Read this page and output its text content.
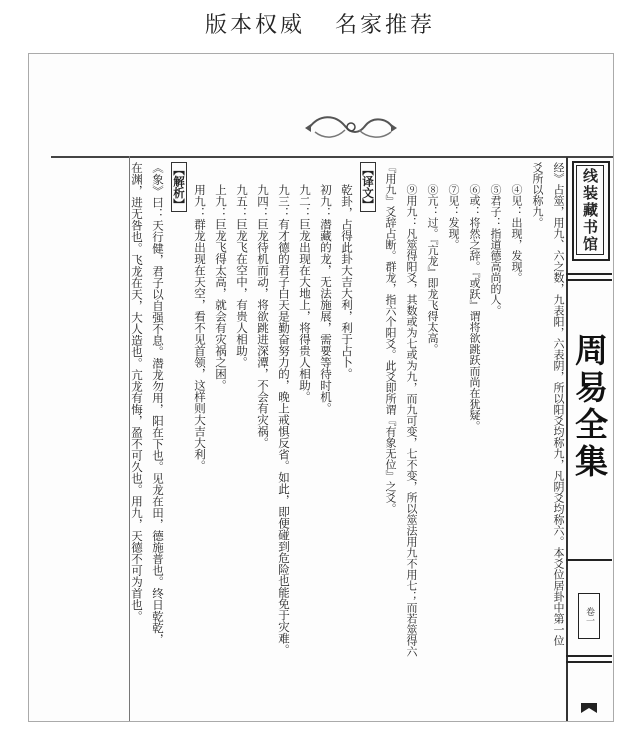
版本权威 名家推荐
经》占筮，用九、六之数，九表阳，六表阴，所以阳爻均称九，凡阴爻均称六。本爻位居卦中第一位
爻所以称九。
④见：出现，发现。
⑤君子：指道德高尚的人。
⑥或：将然之辞。『或跃』谓将欲跳跃而尚在犹疑。
⑦见：发现。
⑧亢：过。『亢龙』即龙飞得太高。
⑨用九：凡筮得阳爻，其数或为七或为九，而九可变，七不变，所以筮法用九不用七；而若筮得六
『用九』爻辞占断。群龙，指六个阳爻。此爻即所谓『有象无位』之爻。
【译文】
乾卦，占得此卦大吉大利，利于占卜。
初九：潜藏的龙，无法施展，需要等待时机。
九二：巨龙出现在大地上，将得贵人相助。
九三：有才德的君子白天是勤奋努力的，晚上戒惧反省。如此，即便碰到危险也能免于灾难。
九四：巨龙待机而动，将欲跳进深潭，不会有灾祸。
九五：巨龙飞在空中，有贵人相助。
上九：巨龙飞得太高，就会有灾祸之困。
用九：群龙出现在天空，看不见首领，这样则大吉大利。
【解析】
《象》曰：天行健，君子以自强不息。潜龙勿用，阳在下也。见龙在田，德施普也。终日乾乾，
在渊，进无咎也。飞龙在天，大人造也。亢龙有悔，盈不可久也。用九，天德不可为首也。	线装藏书馆
周易全集
卷一
